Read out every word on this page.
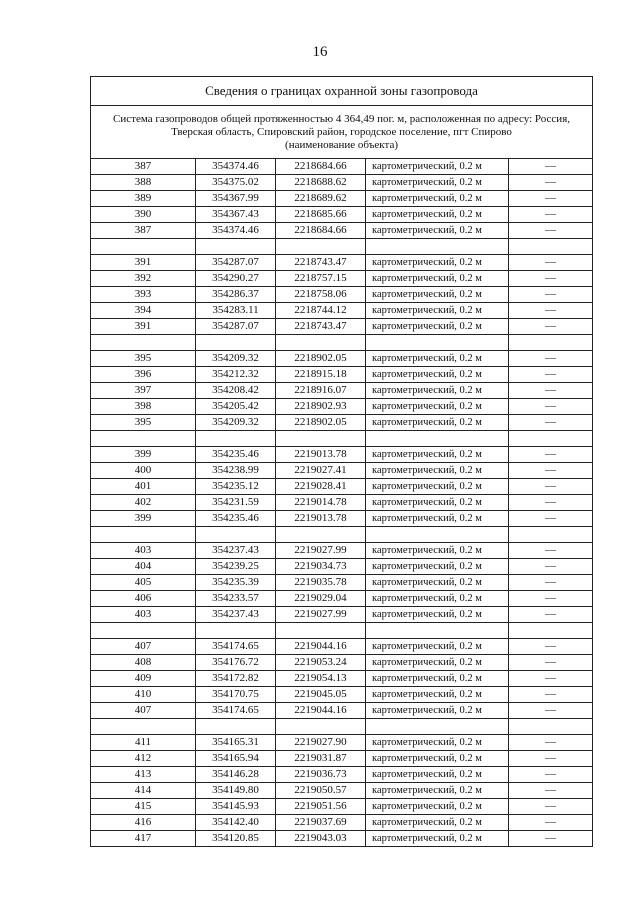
16
Сведения о границах охранной зоны газопровода				
Система газопроводов общей протяженностью 4 364,49 пог. м, расположенная по адресу: Россия,
Тверская область, Спировский район, городское поселение, пгт Спирово
(наименование объекта)				
387	354374.46	2218684.66	картометрический, 0.2 м	—
388	354375.02	2218688.62	картометрический, 0.2 м	—
389	354367.99	2218689.62	картометрический, 0.2 м	—
390	354367.43	2218685.66	картометрический, 0.2 м	—
387	354374.46	2218684.66	картометрический, 0.2 м	—

391	354287.07	2218743.47	картометрический, 0.2 м	—
392	354290.27	2218757.15	картометрический, 0.2 м	—
393	354286.37	2218758.06	картометрический, 0.2 м	—
394	354283.11	2218744.12	картометрический, 0.2 м	—
391	354287.07	2218743.47	картометрический, 0.2 м	—

395	354209.32	2218902.05	картометрический, 0.2 м	—
396	354212.32	2218915.18	картометрический, 0.2 м	—
397	354208.42	2218916.07	картометрический, 0.2 м	—
398	354205.42	2218902.93	картометрический, 0.2 м	—
395	354209.32	2218902.05	картометрический, 0.2 м	—

399	354235.46	2219013.78	картометрический, 0.2 м	—
400	354238.99	2219027.41	картометрический, 0.2 м	—
401	354235.12	2219028.41	картометрический, 0.2 м	—
402	354231.59	2219014.78	картометрический, 0.2 м	—
399	354235.46	2219013.78	картометрический, 0.2 м	—

403	354237.43	2219027.99	картометрический, 0.2 м	—
404	354239.25	2219034.73	картометрический, 0.2 м	—
405	354235.39	2219035.78	картометрический, 0.2 м	—
406	354233.57	2219029.04	картометрический, 0.2 м	—
403	354237.43	2219027.99	картометрический, 0.2 м	—

407	354174.65	2219044.16	картометрический, 0.2 м	—
408	354176.72	2219053.24	картометрический, 0.2 м	—
409	354172.82	2219054.13	картометрический, 0.2 м	—
410	354170.75	2219045.05	картометрический, 0.2 м	—
407	354174.65	2219044.16	картометрический, 0.2 м	—

411	354165.31	2219027.90	картометрический, 0.2 м	—
412	354165.94	2219031.87	картометрический, 0.2 м	—
413	354146.28	2219036.73	картометрический, 0.2 м	—
414	354149.80	2219050.57	картометрический, 0.2 м	—
415	354145.93	2219051.56	картометрический, 0.2 м	—
416	354142.40	2219037.69	картометрический, 0.2 м	—
417	354120.85	2219043.03	картометрический, 0.2 м	—
